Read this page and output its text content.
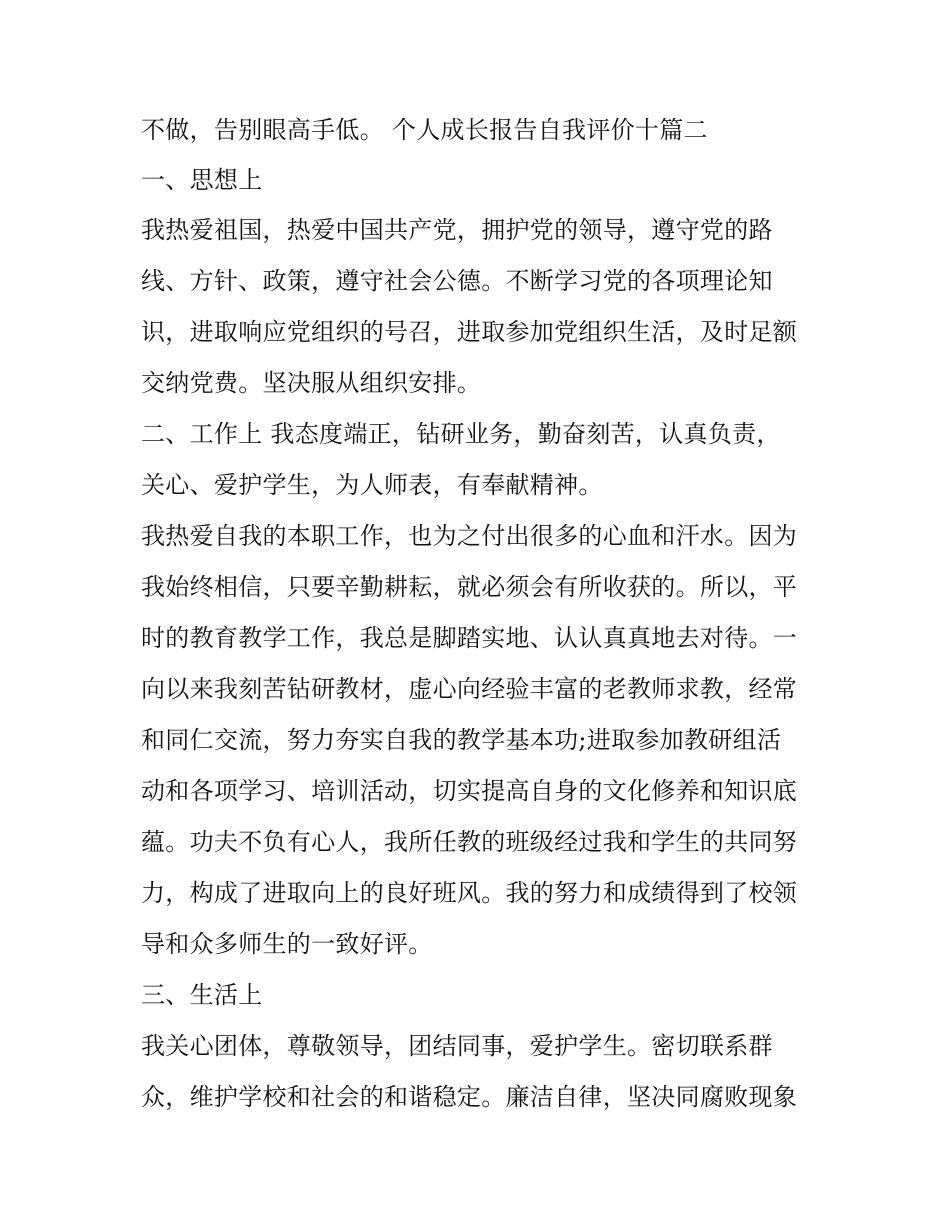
不做，告别眼高手低。 个人成长报告自我评价十篇二
一、思想上
我热爱祖国，热爱中国共产党，拥护党的领导，遵守党的路
线、方针、政策，遵守社会公德。不断学习党的各项理论知
识，进取响应党组织的号召，进取参加党组织生活，及时足额
交纳党费。坚决服从组织安排。
二、工作上 我态度端正，钻研业务，勤奋刻苦，认真负责，
关心、爱护学生，为人师表，有奉献精神。
我热爱自我的本职工作，也为之付出很多的心血和汗水。因为
我始终相信，只要辛勤耕耘，就必须会有所收获的。所以，平
时的教育教学工作，我总是脚踏实地、认认真真地去对待。一
向以来我刻苦钻研教材，虚心向经验丰富的老教师求教，经常
和同仁交流，努力夯实自我的教学基本功;进取参加教研组活
动和各项学习、培训活动，切实提高自身的文化修养和知识底
蕴。功夫不负有心人，我所任教的班级经过我和学生的共同努
力，构成了进取向上的良好班风。我的努力和成绩得到了校领
导和众多师生的一致好评。
三、生活上
我关心团体，尊敬领导，团结同事，爱护学生。密切联系群
众，维护学校和社会的和谐稳定。廉洁自律，坚决同腐败现象
